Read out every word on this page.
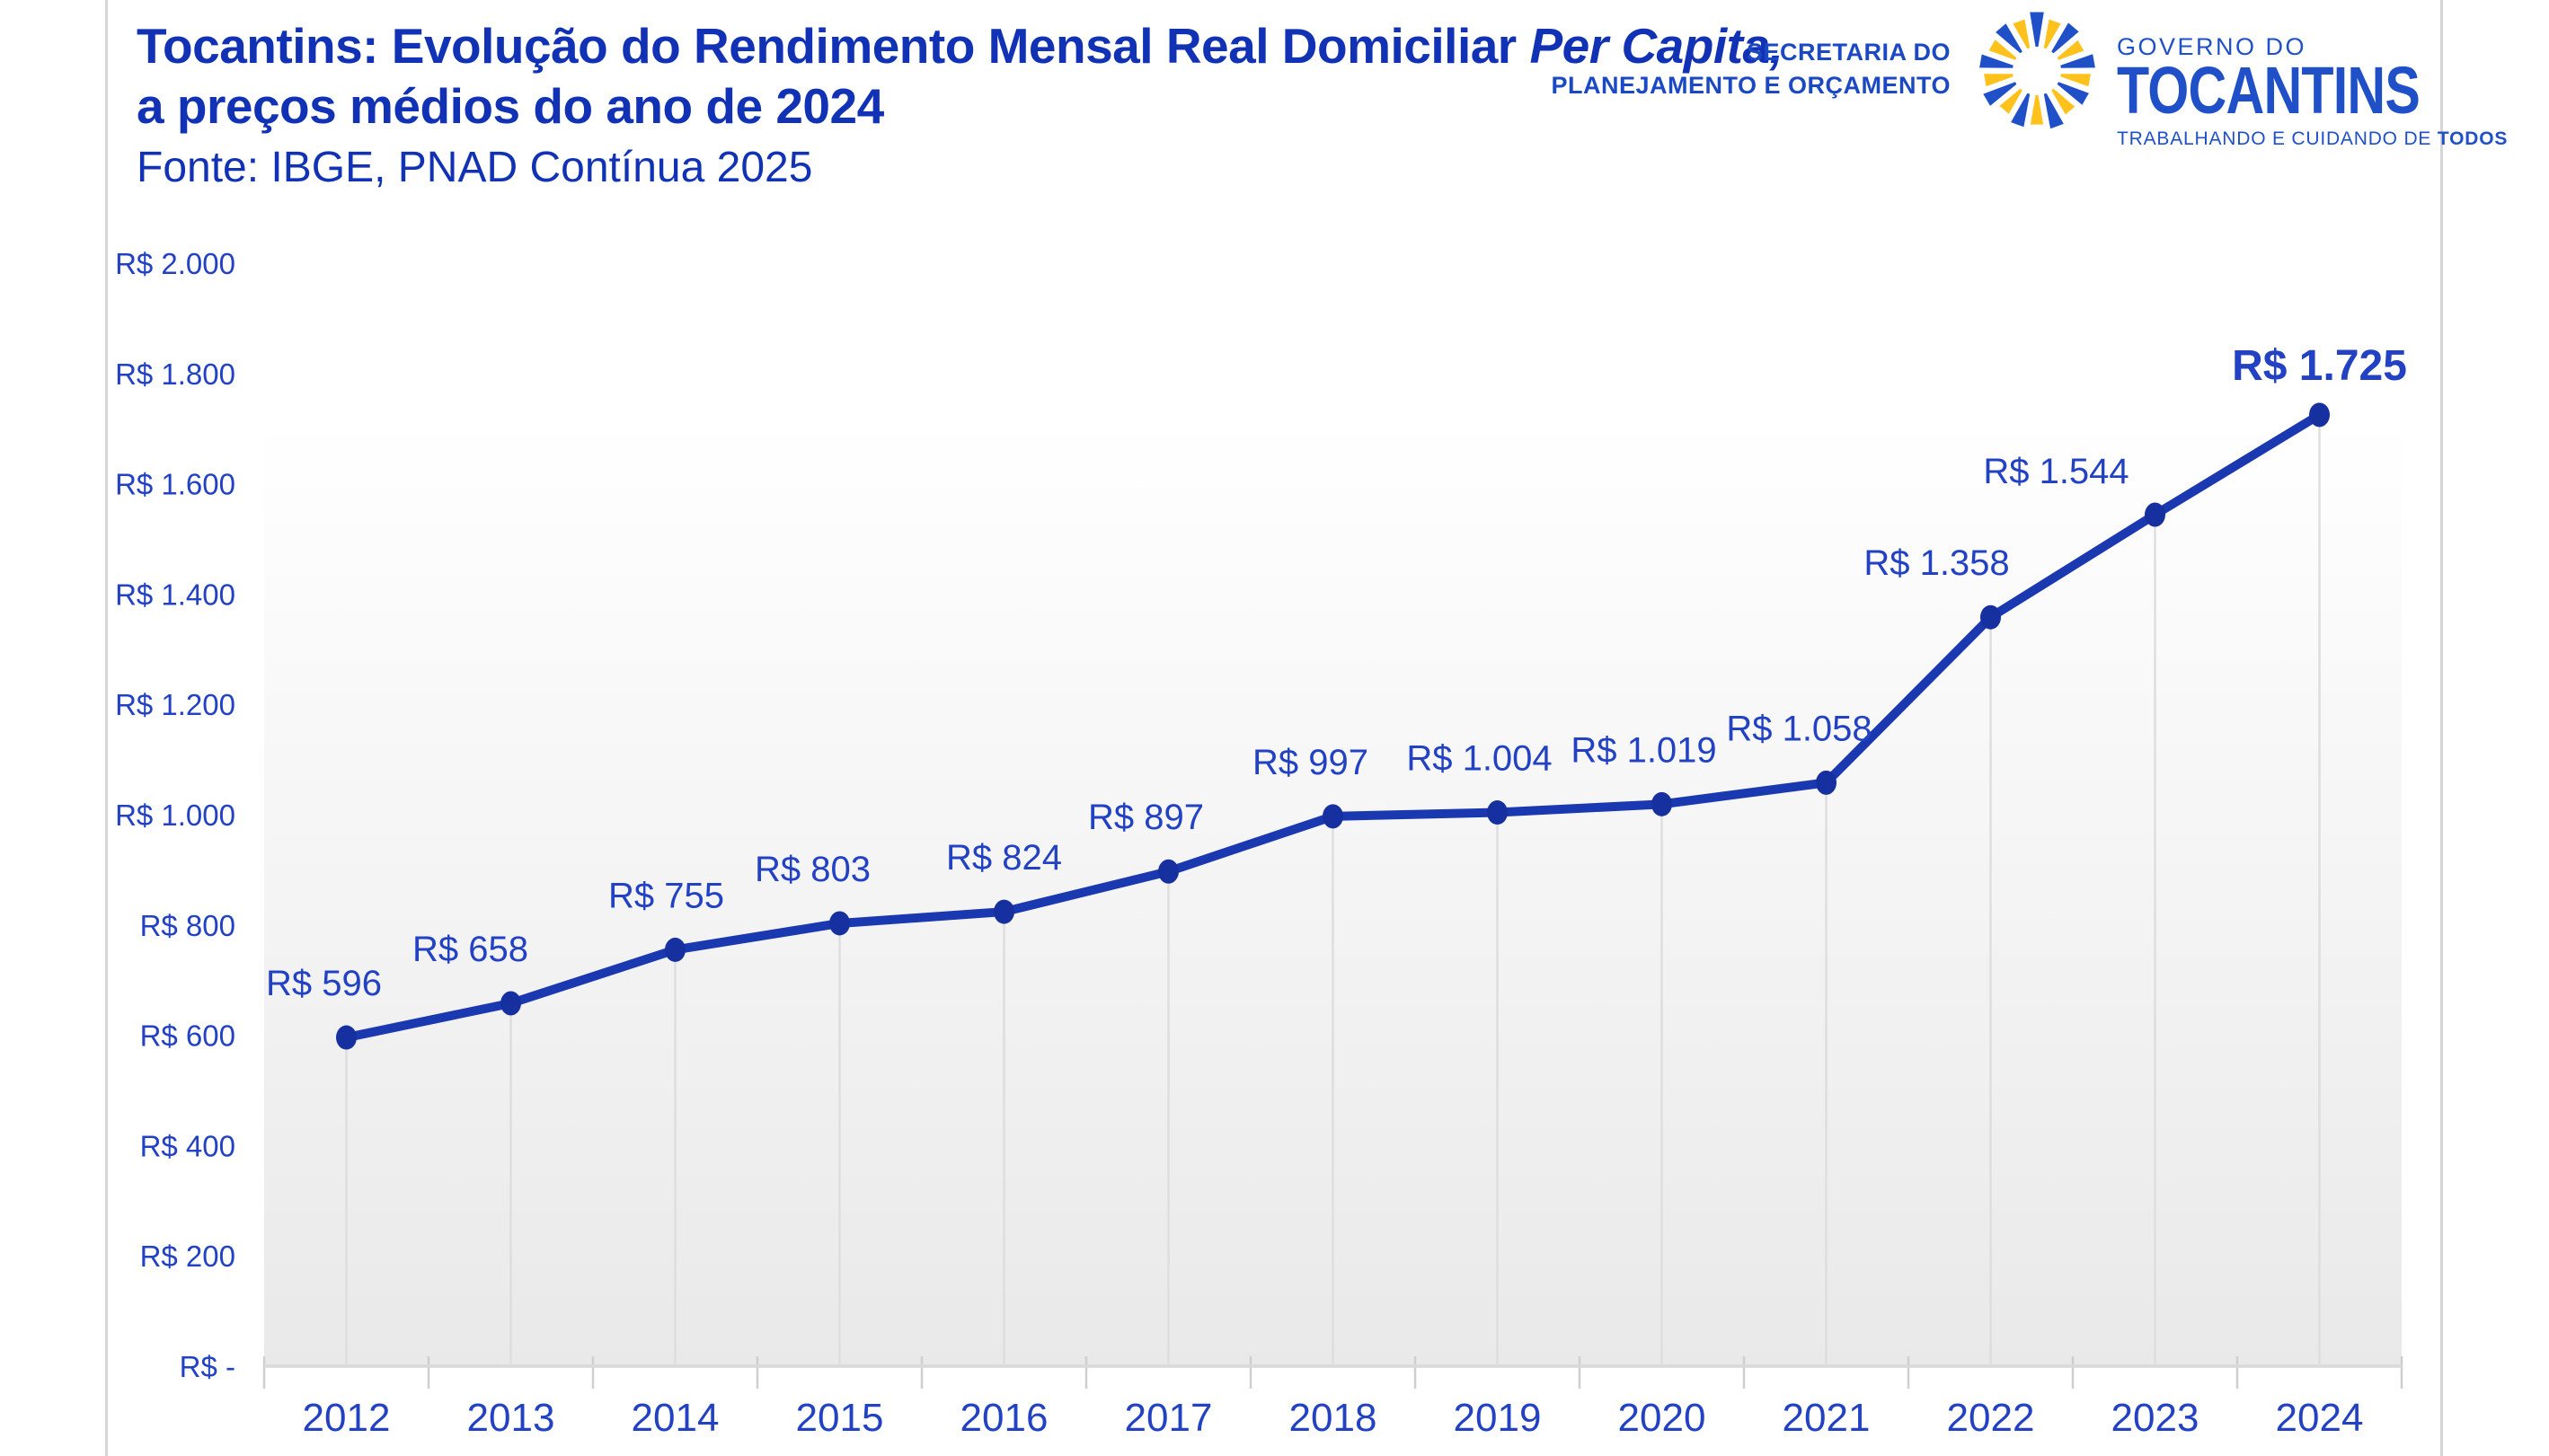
Tocantins: Evolução do Rendimento Mensal Real Domiciliar Per Capita,
a preços médios do ano de 2024
Fonte: IBGE, PNAD Contínua 2025
SECRETARIA DO
PLANEJAMENTO E ORÇAMENTO
GOVERNO DO
TOCANTINS
TRABALHANDO E CUIDANDO DE TODOS
R$ 596
R$ 658
R$ 755
R$ 803 R$ 824
R$ 897
R$ 997 R$ 1.004 R$ 1.019
R$ 1.058
R$ 1.358
R$ 1.544
R$ 1.725
R$ -
R$ 200
R$ 400
R$ 600
R$ 800
R$ 1.000
R$ 1.200
R$ 1.400
R$ 1.600
R$ 1.800
R$ 2.000
2012 2013 2014 2015 2016 2017 2018 2019 2020 2021 2022 2023 2024
